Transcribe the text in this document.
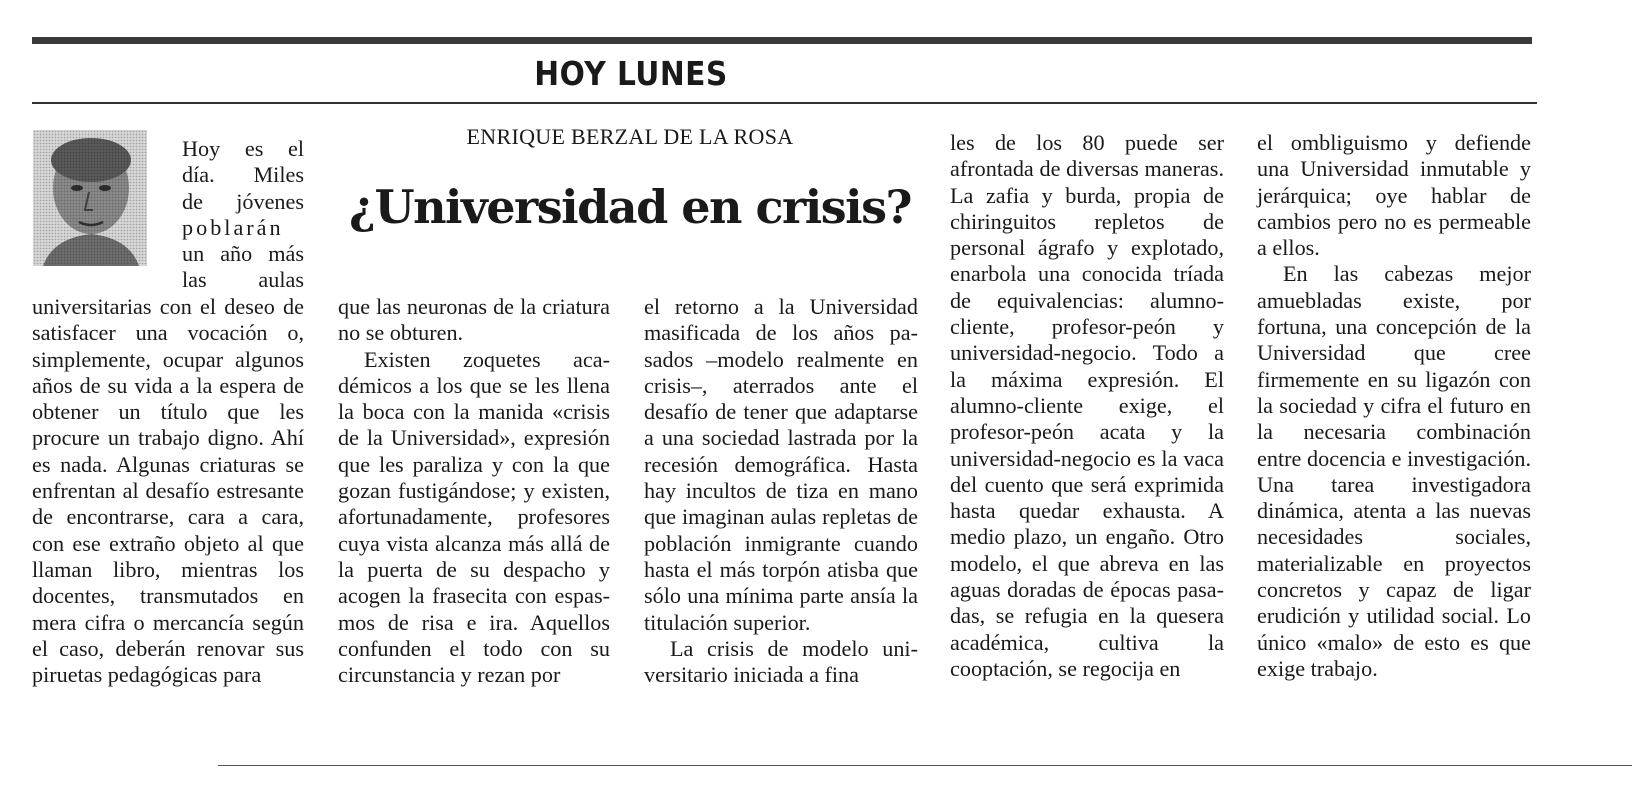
HOY LUNES
Hoy es el
día. Miles
de jóvenes
poblarán
un año más
las aulas
ENRIQUE BERZAL DE LA ROSA
¿Universidad en crisis?

universitarias con el deseo de satisfacer una vocación o, simplemente, ocupar algunos años de su vida a la espera de obtener un título que les procure un trabajo digno. Ahí es nada. Algunas criaturas se enfrentan al desafío estresante de encontrarse, cara a cara, con ese extraño objeto al que llaman libro, mientras los docentes, transmutados en mera cifra o mercancía según el caso, deberán renovar sus piruetas pedagógicas para

que las neuronas de la criatura no se obturen.

Existen zoquetes académicos a los que se les llena la boca con la manida «crisis de la Universidad», expresión que les paraliza y con la que gozan fustigándose; y existen, afortunadamente, profesores cuya vista alcanza más allá de la puerta de su despacho y acogen la frasecita con espasmos de risa e ira. Aquellos confunden el todo con su circunstancia y rezan por

el retorno a la Universidad masificada de los años pasados –modelo realmente en crisis–, aterrados ante el desafío de tener que adaptarse a una sociedad lastrada por la recesión demográfica. Hasta hay incultos de tiza en mano que imaginan aulas repletas de población inmigrante cuando hasta el más torpón atisba que sólo una mínima parte ansía la titulación superior.

La crisis de modelo universitario iniciada a fina

les de los 80 puede ser afrontada de diversas maneras. La zafia y burda, propia de chiringuitos repletos de personal ágrafo y explotado, enarbola una conocida tríada de equivalencias: alumno-cliente, profesor-peón y universidad-negocio. Todo a la máxima expresión. El alumno-cliente exige, el profesor-peón acata y la universidad-negocio es la vaca del cuento que será exprimida hasta quedar exhausta. A medio plazo, un engaño. Otro modelo, el que abreva en las aguas doradas de épocas pasadas, se refugia en la quesera académica, cultiva la cooptación, se regocija en

el ombliguismo y defiende una Universidad inmutable y jerárquica; oye hablar de cambios pero no es permeable a ellos.

En las cabezas mejor amuebladas existe, por fortuna, una concepción de la Universidad que cree firmemente en su ligazón con la sociedad y cifra el futuro en la necesaria combinación entre docencia e investigación. Una tarea investigadora dinámica, atenta a las nuevas necesidades sociales, materializable en proyectos concretos y capaz de ligar erudición y utilidad social. Lo único «malo» de esto es que exige trabajo.
